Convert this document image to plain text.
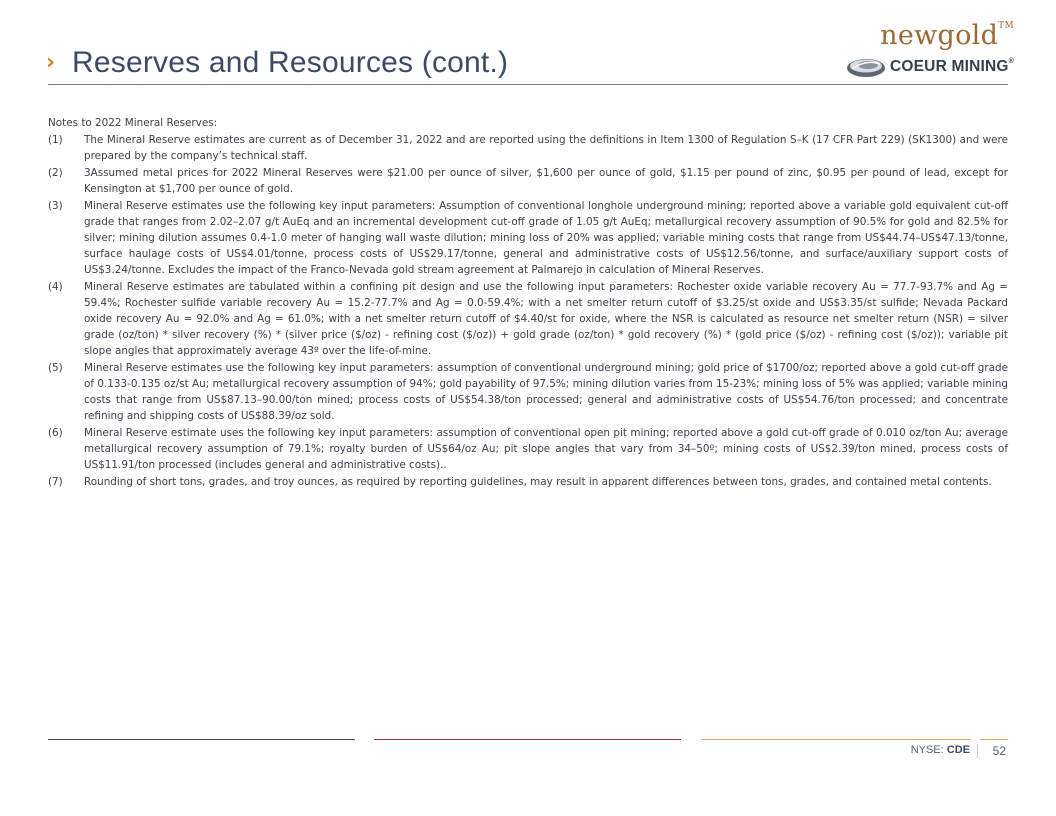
› Reserves and Resources (cont.)
newgold™
COEUR MINING®
Notes to 2022 Mineral Reserves:
(1)	The Mineral Reserve estimates are current as of December 31, 2022 and are reported using the definitions in Item 1300 of Regulation S–K (17 CFR Part 229) (SK1300) and were prepared by the company’s technical staff.
(2)	3Assumed metal prices for 2022 Mineral Reserves were $21.00 per ounce of silver, $1,600 per ounce of gold, $1.15 per pound of zinc, $0.95 per pound of lead, except for Kensington at $1,700 per ounce of gold.
(3)	Mineral Reserve estimates use the following key input parameters: Assumption of conventional longhole underground mining; reported above a variable gold equivalent cut-off grade that ranges from 2.02–2.07 g/t AuEq and an incremental development cut-off grade of 1.05 g/t AuEq; metallurgical recovery assumption of 90.5% for gold and 82.5% for silver; mining dilution assumes 0.4-1.0 meter of hanging wall waste dilution; mining loss of 20% was applied; variable mining costs that range from US$44.74–US$47.13/tonne, surface haulage costs of US$4.01/tonne, process costs of US$29.17/tonne, general and administrative costs of US$12.56/tonne, and surface/auxiliary support costs of US$3.24/tonne. Excludes the impact of the Franco-Nevada gold stream agreement at Palmarejo in calculation of Mineral Reserves.
(4)	Mineral Reserve estimates are tabulated within a confining pit design and use the following input parameters: Rochester oxide variable recovery Au = 77.7-93.7% and Ag = 59.4%; Rochester sulfide variable recovery Au = 15.2-77.7% and Ag = 0.0-59.4%; with a net smelter return cutoff of $3.25/st oxide and US$3.35/st sulfide; Nevada Packard oxide recovery Au = 92.0% and Ag = 61.0%; with a net smelter return cutoff of $4.40/st for oxide, where the NSR is calculated as resource net smelter return (NSR) = silver grade (oz/ton) * silver recovery (%) * (silver price ($/oz) - refining cost ($/oz)) + gold grade (oz/ton) * gold recovery (%) * (gold price ($/oz) - refining cost ($/oz)); variable pit slope angles that approximately average 43º over the life-of-mine.
(5)	Mineral Reserve estimates use the following key input parameters: assumption of conventional underground mining; gold price of $1700/oz; reported above a gold cut-off grade of 0.133-0.135 oz/st Au; metallurgical recovery assumption of 94%; gold payability of 97.5%; mining dilution varies from 15-23%; mining loss of 5% was applied; variable mining costs that range from US$87.13–90.00/ton mined; process costs of US$54.38/ton processed; general and administrative costs of US$54.76/ton processed; and concentrate refining and shipping costs of US$88.39/oz sold.
(6)	Mineral Reserve estimate uses the following key input parameters: assumption of conventional open pit mining; reported above a gold cut-off grade of 0.010 oz/ton Au; average metallurgical recovery assumption of 79.1%; royalty burden of US$64/oz Au; pit slope angles that vary from 34–50º; mining costs of US$2.39/ton mined, process costs of US$11.91/ton processed (includes general and administrative costs)..
(7)	Rounding of short tons, grades, and troy ounces, as required by reporting guidelines, may result in apparent differences between tons, grades, and contained metal contents.
NYSE: CDE 52
